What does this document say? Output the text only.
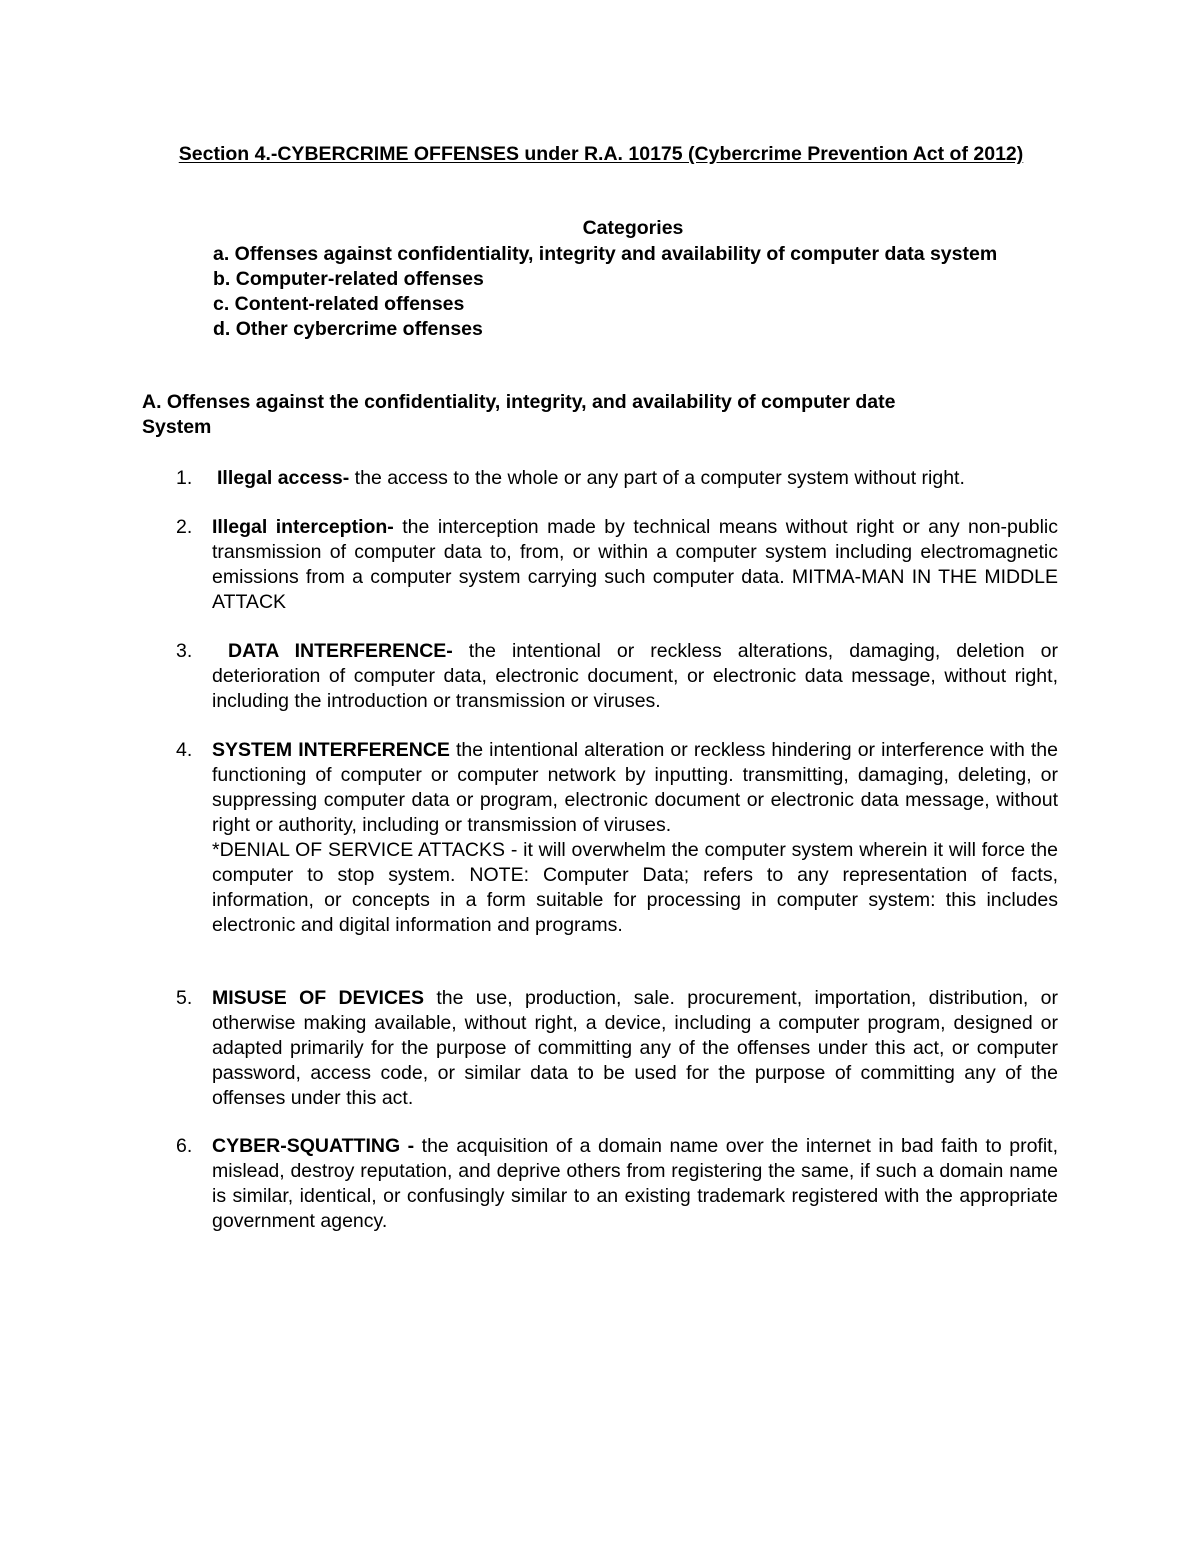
Section 4.-CYBERCRIME OFFENSES under R.A. 10175 (Cybercrime Prevention Act of 2012)
Categories
a. Offenses against confidentiality, integrity and availability of computer data system
b. Computer-related offenses
c. Content-related offenses
d. Other cybercrime offenses
A. Offenses against the confidentiality, integrity, and availability of computer date
System
1. Illegal access- the access to the whole or any part of a computer system without right.

2. Illegal interception- the interception made by technical means without right or any non-public transmission of computer data to, from, or within a computer system including electromagnetic emissions from a computer system carrying such computer data. MITMA-MAN IN THE MIDDLE ATTACK

3.	DATA INTERFERENCE- the intentional or reckless alterations, damaging, deletion or deterioration of computer data, electronic document, or electronic data message, without right, including the introduction or transmission or viruses.

4. SYSTEM INTERFERENCE the intentional alteration or reckless hindering or interference with the functioning of computer or computer network by inputting. transmitting, damaging, deleting, or suppressing computer data or program, electronic document or electronic data message, without right or authority, including or transmission of viruses.

*DENIAL OF SERVICE ATTACKS - it will overwhelm the computer system wherein it will force the computer to stop system. NOTE: Computer Data; refers to any representation of facts, information, or concepts in a form suitable for processing in computer system: this includes electronic and digital information and programs.

5. MISUSE OF DEVICES the use, production, sale. procurement, importation, distribution, or otherwise making available, without right, a device, including a computer program, designed or adapted primarily for the purpose of committing any of the offenses under this act, or computer password, access code, or similar data to be used for the purpose of committing any of the offenses under this act.

6. CYBER-SQUATTING - the acquisition of a domain name over the internet in bad faith to profit, mislead, destroy reputation, and deprive others from registering the same, if such a domain name is similar, identical, or confusingly similar to an existing trademark registered with the appropriate government agency.
